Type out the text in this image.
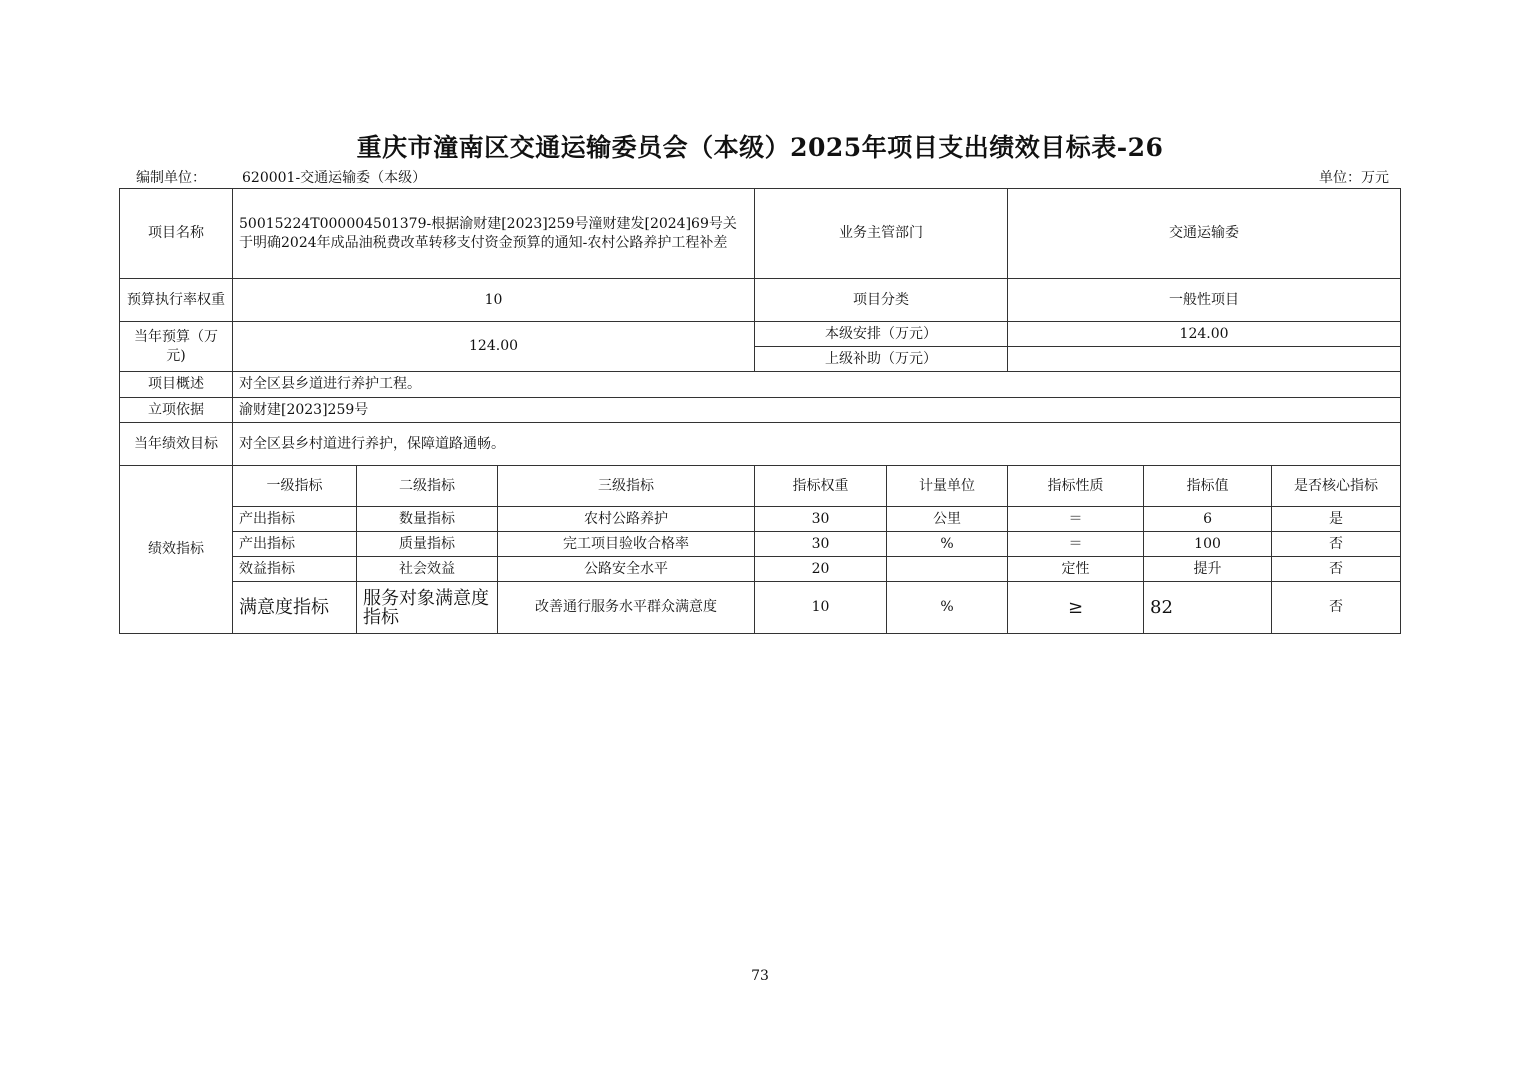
重庆市潼南区交通运输委员会（本级）2025年项目支出绩效目标表-26
编制单位：	620001-交通运输委（本级）	单位：万元
项目名称	50015224T000004501379-根据渝财建[2023]259号潼财建发[2024]69号关于明确2024年成品油税费改革转移支付资金预算的通知-农村公路养护工程补差			业务主管部门		交通运输委		
预算执行率权重	10			项目分类		一般性项目		
当年预算（万元)	124.00			本级安排（万元）		124.00		
				上级补助（万元）				
项目概述	对全区县乡道进行养护工程。							
立项依据	渝财建[2023]259号							
当年绩效目标	对全区县乡村道进行养护，保障道路通畅。							
绩效指标	一级指标	二级指标	三级指标	指标权重	计量单位	指标性质	指标值	是否核心指标
	产出指标	数量指标	农村公路养护	30	公里	＝	6	是
	产出指标	质量指标	完工项目验收合格率	30	%	＝	100	否
	效益指标	社会效益	公路安全水平	20		定性	提升	否
	满意度指标	服务对象满意度指标	改善通行服务水平群众满意度	10	%	≥	82	否
73
